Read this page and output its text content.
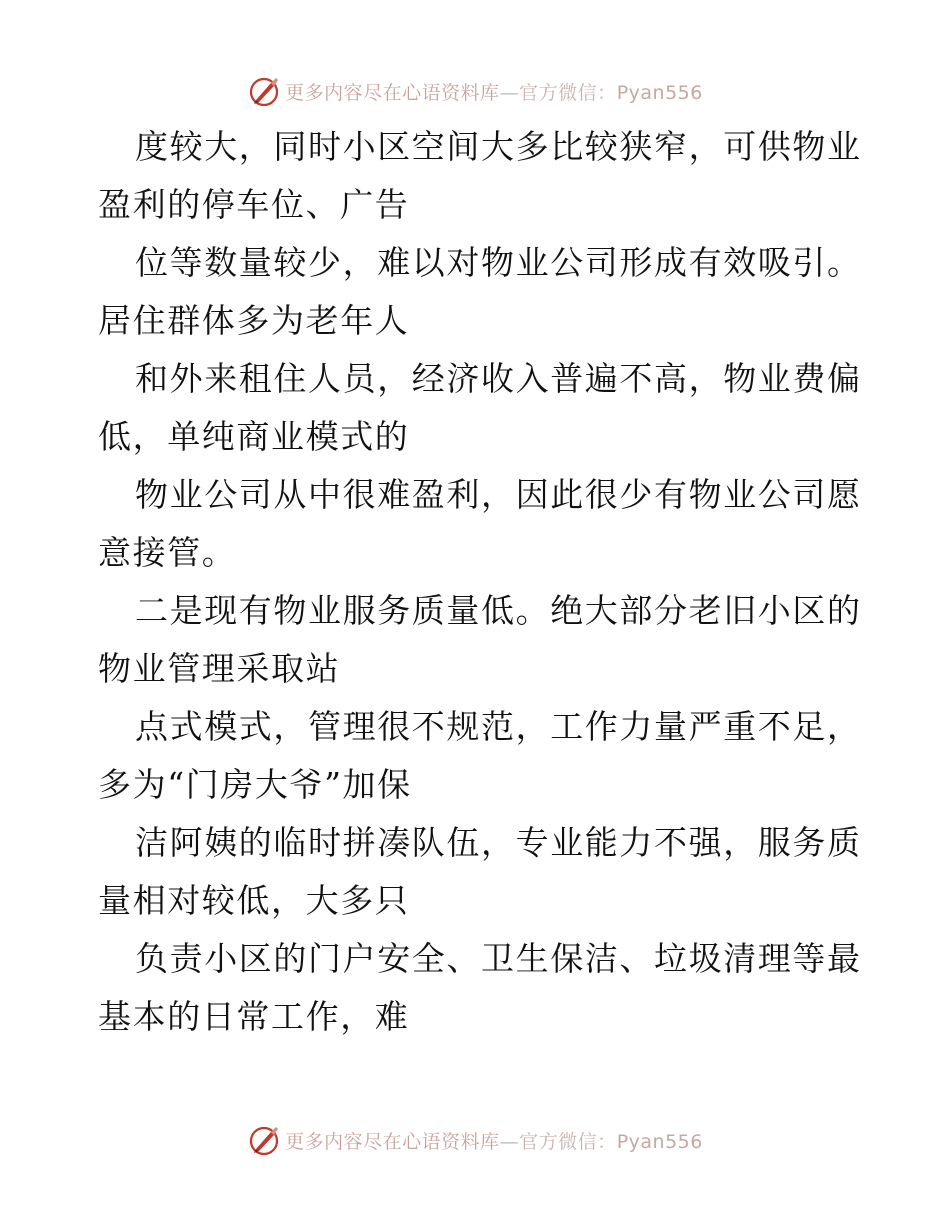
更多内容尽在心语资料库—官方微信：Pyan556
度较大，同时小区空间大多比较狭窄，可供物业
盈利的停车位、广告
位等数量较少，难以对物业公司形成有效吸引。
居住群体多为老年人
和外来租住人员，经济收入普遍不高，物业费偏
低，单纯商业模式的
物业公司从中很难盈利，因此很少有物业公司愿
意接管。
二是现有物业服务质量低。绝大部分老旧小区的
物业管理采取站
点式模式，管理很不规范，工作力量严重不足，
多为“门房大爷”加保
洁阿姨的临时拼凑队伍，专业能力不强，服务质
量相对较低，大多只
负责小区的门户安全、卫生保洁、垃圾清理等最
基本的日常工作，难
更多内容尽在心语资料库—官方微信：Pyan556
